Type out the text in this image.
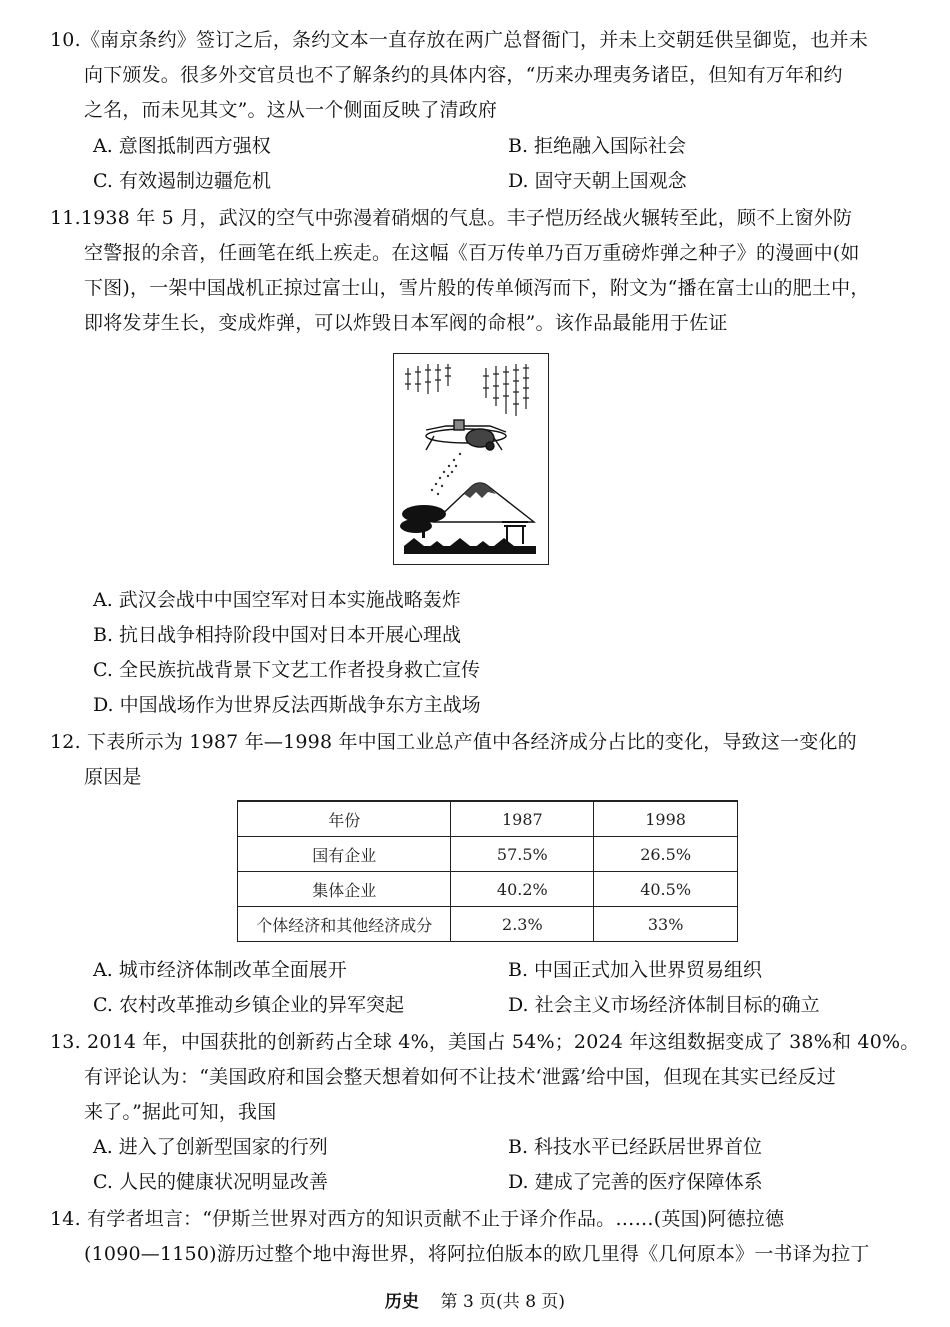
10.《南京条约》签订之后，条约文本一直存放在两广总督衙门，并未上交朝廷供呈御览，也并未
向下颁发。很多外交官员也不了解条约的具体内容，“历来办理夷务诸臣，但知有万年和约
之名，而未见其文”。这从一个侧面反映了清政府
A. 意图抵制西方强权	B. 拒绝融入国际社会
C. 有效遏制边疆危机	D. 固守天朝上国观念
11.1938 年 5 月，武汉的空气中弥漫着硝烟的气息。丰子恺历经战火辗转至此，顾不上窗外防
空警报的余音，任画笔在纸上疾走。在这幅《百万传单乃百万重磅炸弹之种子》的漫画中(如
下图)，一架中国战机正掠过富士山，雪片般的传单倾泻而下，附文为“播在富士山的肥土中，
即将发芽生长，变成炸弹，可以炸毁日本军阀的命根”。该作品最能用于佐证
A. 武汉会战中中国空军对日本实施战略轰炸
B. 抗日战争相持阶段中国对日本开展心理战
C. 全民族抗战背景下文艺工作者投身救亡宣传
D. 中国战场作为世界反法西斯战争东方主战场
12. 下表所示为 1987 年—1998 年中国工业总产值中各经济成分占比的变化，导致这一变化的
原因是
年份	1987	1998
国有企业	57.5%	26.5%
集体企业	40.2%	40.5%
个体经济和其他经济成分	2.3%	33%
A. 城市经济体制改革全面展开	B. 中国正式加入世界贸易组织
C. 农村改革推动乡镇企业的异军突起	D. 社会主义市场经济体制目标的确立
13. 2014 年，中国获批的创新药占全球 4%，美国占 54%；2024 年这组数据变成了 38%和 40%。
有评论认为：“美国政府和国会整天想着如何不让技术‘泄露’给中国，但现在其实已经反过
来了。”据此可知，我国
A. 进入了创新型国家的行列	B. 科技水平已经跃居世界首位
C. 人民的健康状况明显改善	D. 建成了完善的医疗保障体系
14. 有学者坦言：“伊斯兰世界对西方的知识贡献不止于译介作品。……(英国)阿德拉德
(1090—1150)游历过整个地中海世界，将阿拉伯版本的欧几里得《几何原本》一书译为拉丁
历史 第 3 页(共 8 页)
